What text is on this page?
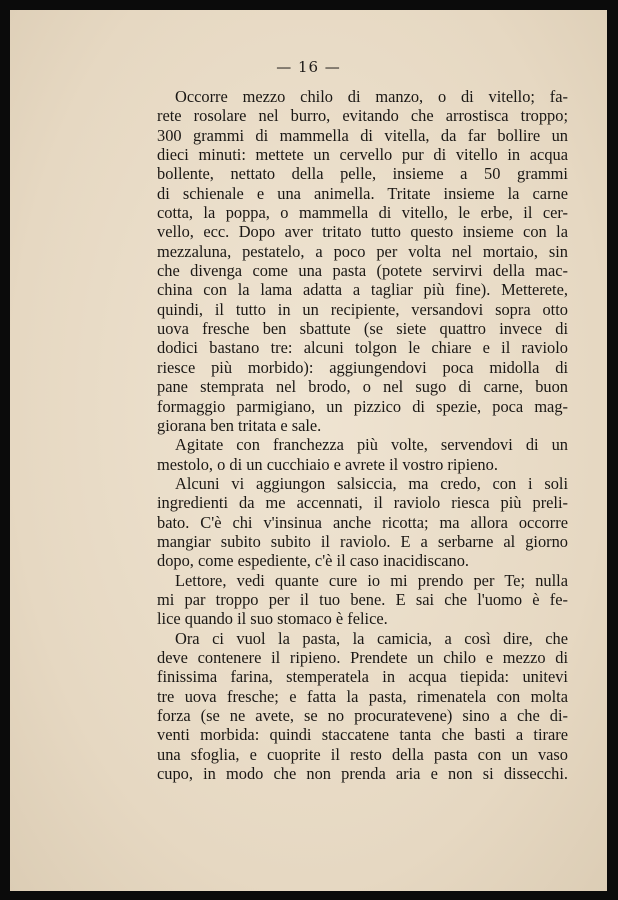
— 16 —
Occorre mezzo chilo di manzo, o di vitello; fa-
rete rosolare nel burro, evitando che arrostisca troppo;
300 grammi di mammella di vitella, da far bollire un
dieci minuti: mettete un cervello pur di vitello in acqua
bollente, nettato della pelle, insieme a 50 grammi
di schienale e una animella. Tritate insieme la carne
cotta, la poppa, o mammella di vitello, le erbe, il cer-
vello, ecc. Dopo aver tritato tutto questo insieme con la
mezzaluna, pestatelo, a poco per volta nel mortaio, sin
che divenga come una pasta (potete servirvi della mac-
china con la lama adatta a tagliar più fine). Metterete,
quindi, il tutto in un recipiente, versandovi sopra otto
uova fresche ben sbattute (se siete quattro invece di
dodici bastano tre: alcuni tolgon le chiare e il raviolo
riesce più morbido): aggiungendovi poca midolla di
pane stemprata nel brodo, o nel sugo di carne, buon
formaggio parmigiano, un pizzico di spezie, poca mag-
giorana ben tritata e sale.
Agitate con franchezza più volte, servendovi di un
mestolo, o di un cucchiaio e avrete il vostro ripieno.
Alcuni vi aggiungon salsiccia, ma credo, con i soli
ingredienti da me accennati, il raviolo riesca più preli-
bato. C'è chi v'insinua anche ricotta; ma allora occorre
mangiar subito subito il raviolo. E a serbarne al giorno
dopo, come espediente, c'è il caso inacidiscano.
Lettore, vedi quante cure io mi prendo per Te; nulla
mi par troppo per il tuo bene. E sai che l'uomo è fe-
lice quando il suo stomaco è felice.
Ora ci vuol la pasta, la camicia, a così dire, che
deve contenere il ripieno. Prendete un chilo e mezzo di
finissima farina, stemperatela in acqua tiepida: unitevi
tre uova fresche; e fatta la pasta, rimenatela con molta
forza (se ne avete, se no procuratevene) sino a che di-
venti morbida: quindi staccatene tanta che basti a tirare
una sfoglia, e cuoprite il resto della pasta con un vaso
cupo, in modo che non prenda aria e non si dissecchi.
